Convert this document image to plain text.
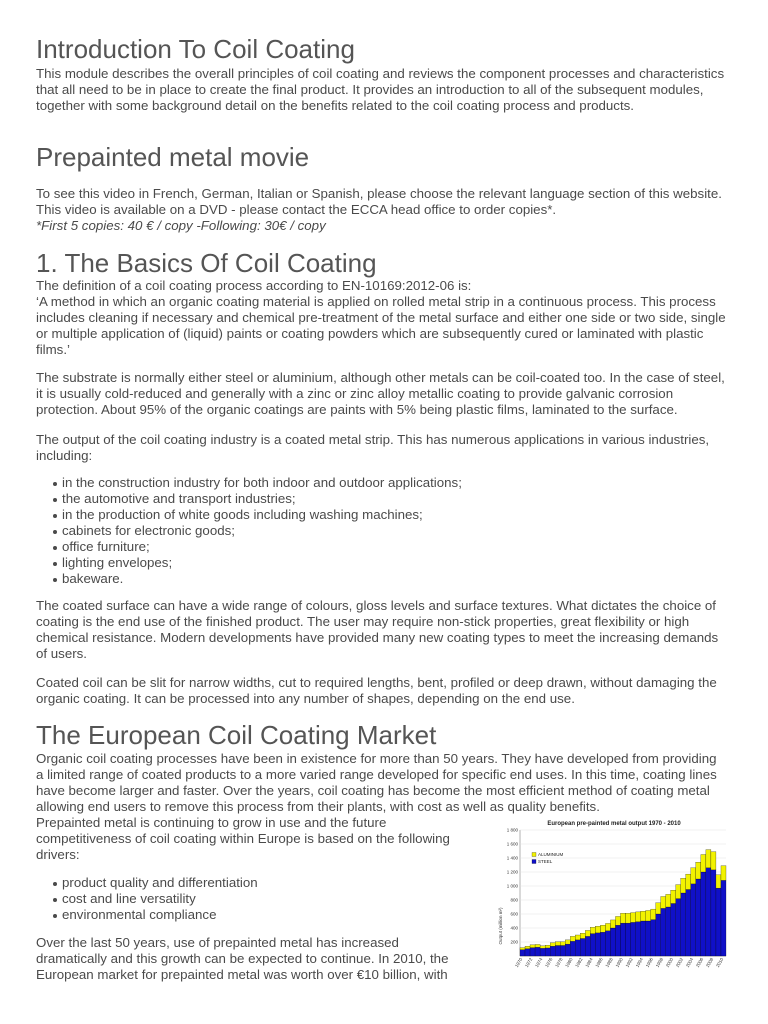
Introduction To Coil Coating

This module describes the overall principles of coil coating and reviews the component processes and characteristics that all need to be in place to create the final product. It provides an introduction to all of the subsequent modules, together with some background detail on the benefits related to the coil coating process and products.

Prepainted metal movie

To see this video in French, German, Italian or Spanish, please choose the relevant language section of this website. This video is available on a DVD - please contact the ECCA head office to order copies*.

*First 5 copies: 40 € / copy -Following: 30€ / copy

1. The Basics Of Coil Coating

The definition of a coil coating process according to EN-10169:2012-06 is:

‘A method in which an organic coating material is applied on rolled metal strip in a continuous process. This process includes cleaning if necessary and chemical pre-treatment of the metal surface and either one side or two side, single or multiple application of (liquid) paints or coating powders which are subsequently cured or laminated with plastic films.’

The substrate is normally either steel or aluminium, although other metals can be coil-coated too. In the case of steel, it is usually cold-reduced and generally with a zinc or zinc alloy metallic coating to provide galvanic corrosion protection. About 95% of the organic coatings are paints with 5% being plastic films, laminated to the surface.

The output of the coil coating industry is a coated metal strip. This has numerous applications in various industries, including:

in the construction industry for both indoor and outdoor applications;
the automotive and transport industries;
in the production of white goods including washing machines;
cabinets for electronic goods;
office furniture;
lighting envelopes;
bakeware.

The coated surface can have a wide range of colours, gloss levels and surface textures. What dictates the choice of coating is the end use of the finished product. The user may require non-stick properties, great flexibility or high chemical resistance. Modern developments have provided many new coating types to meet the increasing demands of users.

Coated coil can be slit for narrow widths, cut to required lengths, bent, profiled or deep drawn, without damaging the organic coating. It can be processed into any number of shapes, depending on the end use.

The European Coil Coating Market

Organic coil coating processes have been in existence for more than 50 years. They have developed from providing a limited range of coated products to a more varied range developed for specific end uses. In this time, coating lines have become larger and faster. Over the years, coil coating has become the most efficient method of coating metal allowing end users to remove this process from their plants, with cost as well as quality benefits.

Prepainted metal is continuing to grow in use and the future competitiveness of coil coating within Europe is based on the following drivers:

product quality and differentiation
cost and line versatility
environmental compliance

Over the last 50 years, use of prepainted metal has increased dramatically and this growth can be expected to continue. In 2010, the European market for prepainted metal was worth over €10 billion, with

European pre-painted metal output 1970 - 2010
Output (million m²) 200
400
600
800
1 000
1 200
1 400
1 600
1 800
1970 1972 1974 1976 1978 1980 1982 1984 1986 1988 1990 1992 1994 1996 1998 2000 2002 2004 2006 2008 2010
ALUMINIUM
STEEL
